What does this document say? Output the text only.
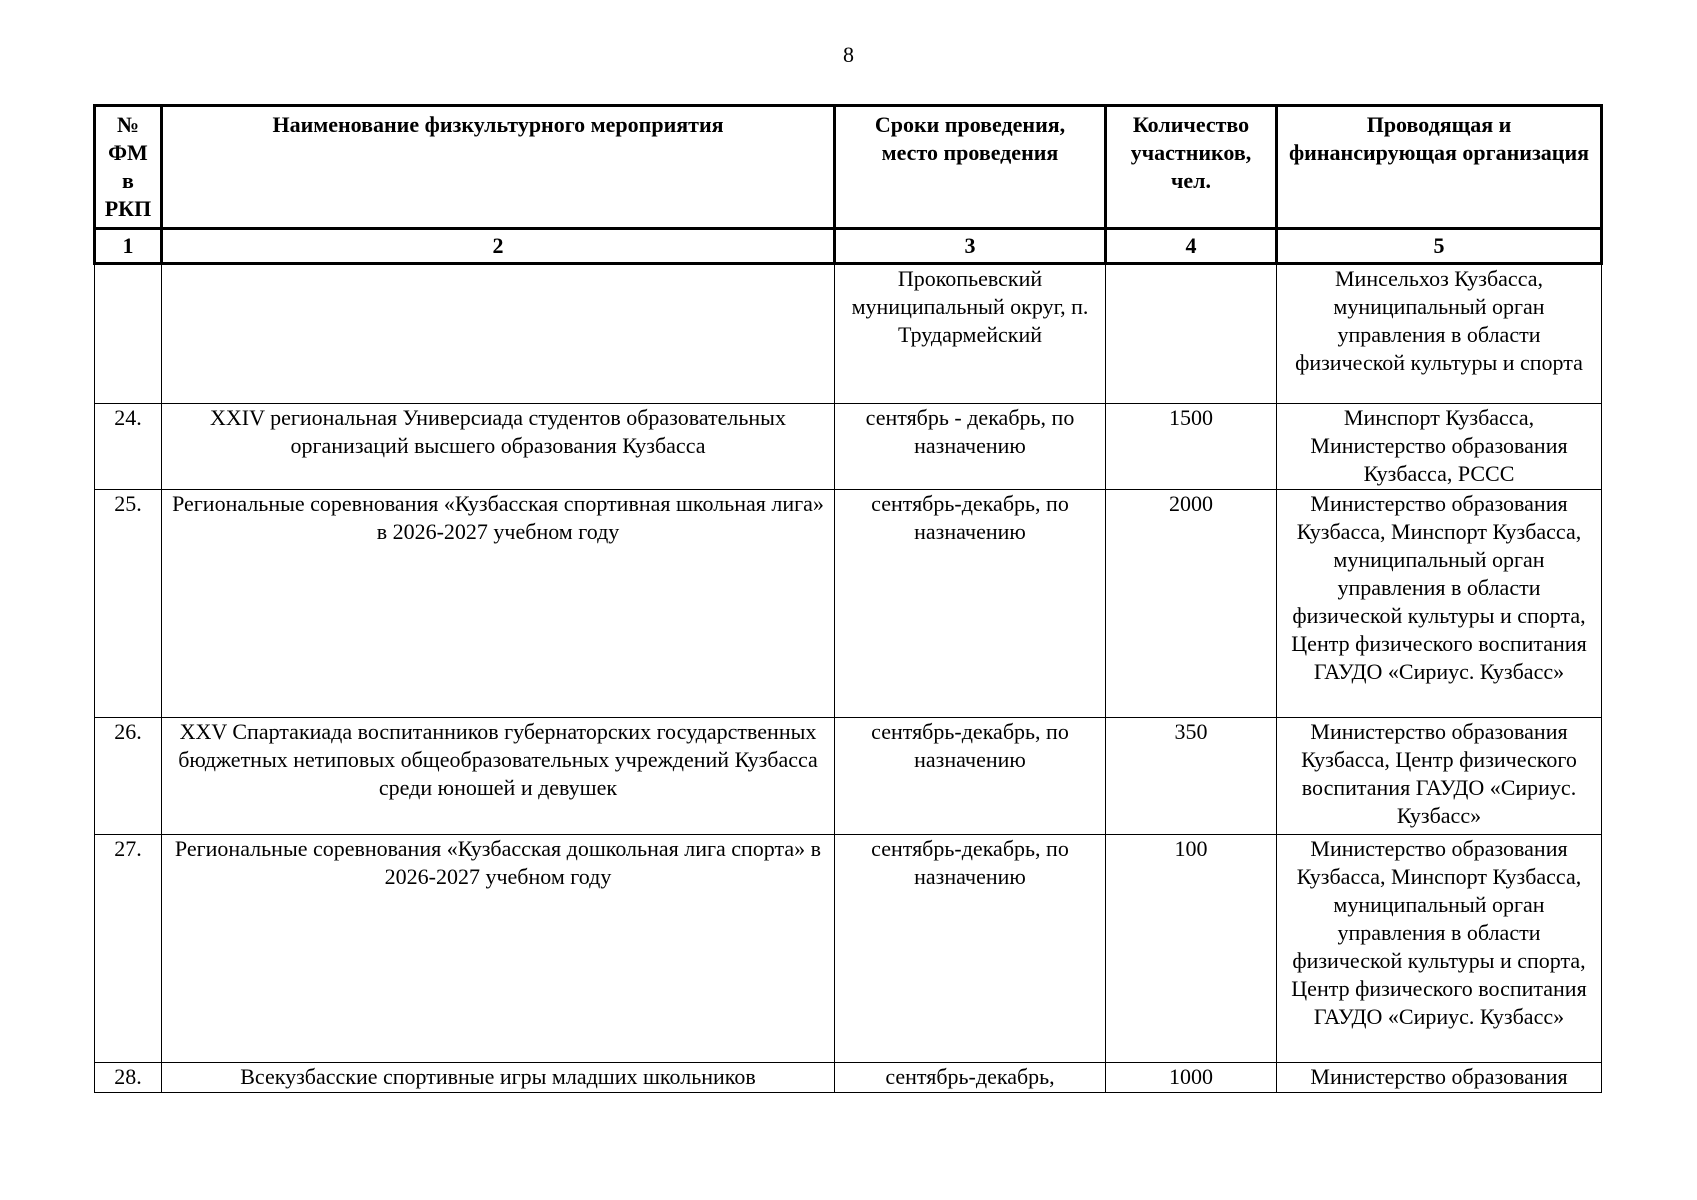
8
№ ФМ в РКП	Наименование физкультурного мероприятия	Сроки проведения, место проведения	Количество участников, чел.	Проводящая и финансирующая организация
1	2	3	4	5
		Прокопьевский муниципальный округ, п. Трудармейский		Минсельхоз Кузбасса, муниципальный орган управления в области физической культуры и спорта
24.	XXIV региональная Универсиада студентов образовательных организаций высшего образования Кузбасса	сентябрь - декабрь, по назначению	1500	Минспорт Кузбасса, Министерство образования Кузбасса, РССС
25.	Региональные соревнования «Кузбасская спортивная школьная лига» в 2026-2027 учебном году	сентябрь-декабрь, по назначению	2000	Министерство образования Кузбасса, Минспорт Кузбасса, муниципальный орган управления в области физической культуры и спорта, Центр физического воспитания ГАУДО «Сириус. Кузбасс»
26.	XXV Спартакиада воспитанников губернаторских государственных бюджетных нетиповых общеобразовательных учреждений Кузбасса среди юношей и девушек	сентябрь-декабрь, по назначению	350	Министерство образования Кузбасса, Центр физического воспитания ГАУДО «Сириус. Кузбасс»
27.	Региональные соревнования «Кузбасская дошкольная лига спорта» в 2026-2027 учебном году	сентябрь-декабрь, по назначению	100	Министерство образования Кузбасса, Минспорт Кузбасса, муниципальный орган управления в области физической культуры и спорта, Центр физического воспитания ГАУДО «Сириус. Кузбасс»
28.	Всекузбасские спортивные игры младших школьников	сентябрь-декабрь,	1000	Министерство образования
